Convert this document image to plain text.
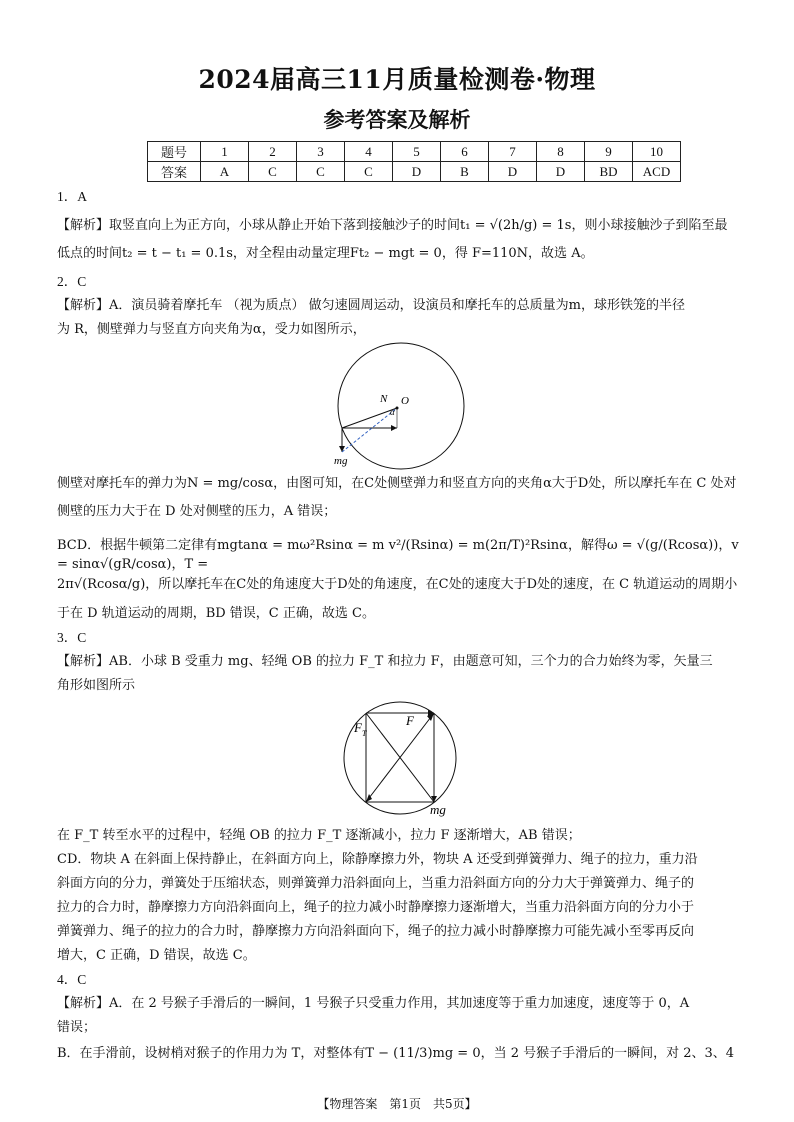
2024届高三11月质量检测卷·物理
参考答案及解析
题号	1	2	3	4	5	6	7	8	9	10
答案	A	C	C	C	D	B	D	D	BD	ACD
1．A
【解析】取竖直向上为正方向，小球从静止开始下落到接触沙子的时间t₁ = √(2h/g) = 1s，则小球接触沙子到陷至最
低点的时间t₂ = t − t₁ = 0.1s，对全程由动量定理Ft₂ − mgt = 0，得 F=110N，故选 A。
2．C
【解析】A．演员骑着摩托车 （视为质点） 做匀速圆周运动，设演员和摩托车的总质量为m，球形铁笼的半径
为 R，侧壁弹力与竖直方向夹角为α，受力如图所示，
N O
α
mg
侧壁对摩托车的弹力为N = mg/cosα，由图可知，在C处侧壁弹力和竖直方向的夹角α大于D处，所以摩托车在 C 处对
侧壁的压力大于在 D 处对侧壁的压力，A 错误；
BCD．根据牛顿第二定律有mgtanα = mω²Rsinα = m v²/(Rsinα) = m(2π/T)²Rsinα，解得ω = √(g/(Rcosα))，v = sinα√(gR/cosα)，T =
2π√(Rcosα/g)，所以摩托车在C处的角速度大于D处的角速度，在C处的速度大于D处的速度，在 C 轨道运动的周期小
于在 D 轨道运动的周期，BD 错误，C 正确，故选 C。
3．C
【解析】AB．小球 B 受重力 mg、轻绳 OB 的拉力 F_T 和拉力 F，由题意可知，三个力的合力始终为零，矢量三
角形如图所示
F T
F
mg
在 F_T 转至水平的过程中，轻绳 OB 的拉力 F_T 逐渐减小，拉力 F 逐渐增大，AB 错误；
CD．物块 A 在斜面上保持静止，在斜面方向上，除静摩擦力外，物块 A 还受到弹簧弹力、绳子的拉力，重力沿
斜面方向的分力，弹簧处于压缩状态，则弹簧弹力沿斜面向上，当重力沿斜面方向的分力大于弹簧弹力、绳子的
拉力的合力时，静摩擦力方向沿斜面向上，绳子的拉力减小时静摩擦力逐渐增大，当重力沿斜面方向的分力小于
弹簧弹力、绳子的拉力的合力时，静摩擦力方向沿斜面向下，绳子的拉力减小时静摩擦力可能先减小至零再反向
增大，C 正确，D 错误，故选 C。
4．C
【解析】A．在 2 号猴子手滑后的一瞬间，1 号猴子只受重力作用，其加速度等于重力加速度，速度等于 0，A
错误；
B．在手滑前，设树梢对猴子的作用力为 T，对整体有T − (11/3)mg = 0，当 2 号猴子手滑后的一瞬间，对 2、3、4
【物理答案　第1页　共5页】
